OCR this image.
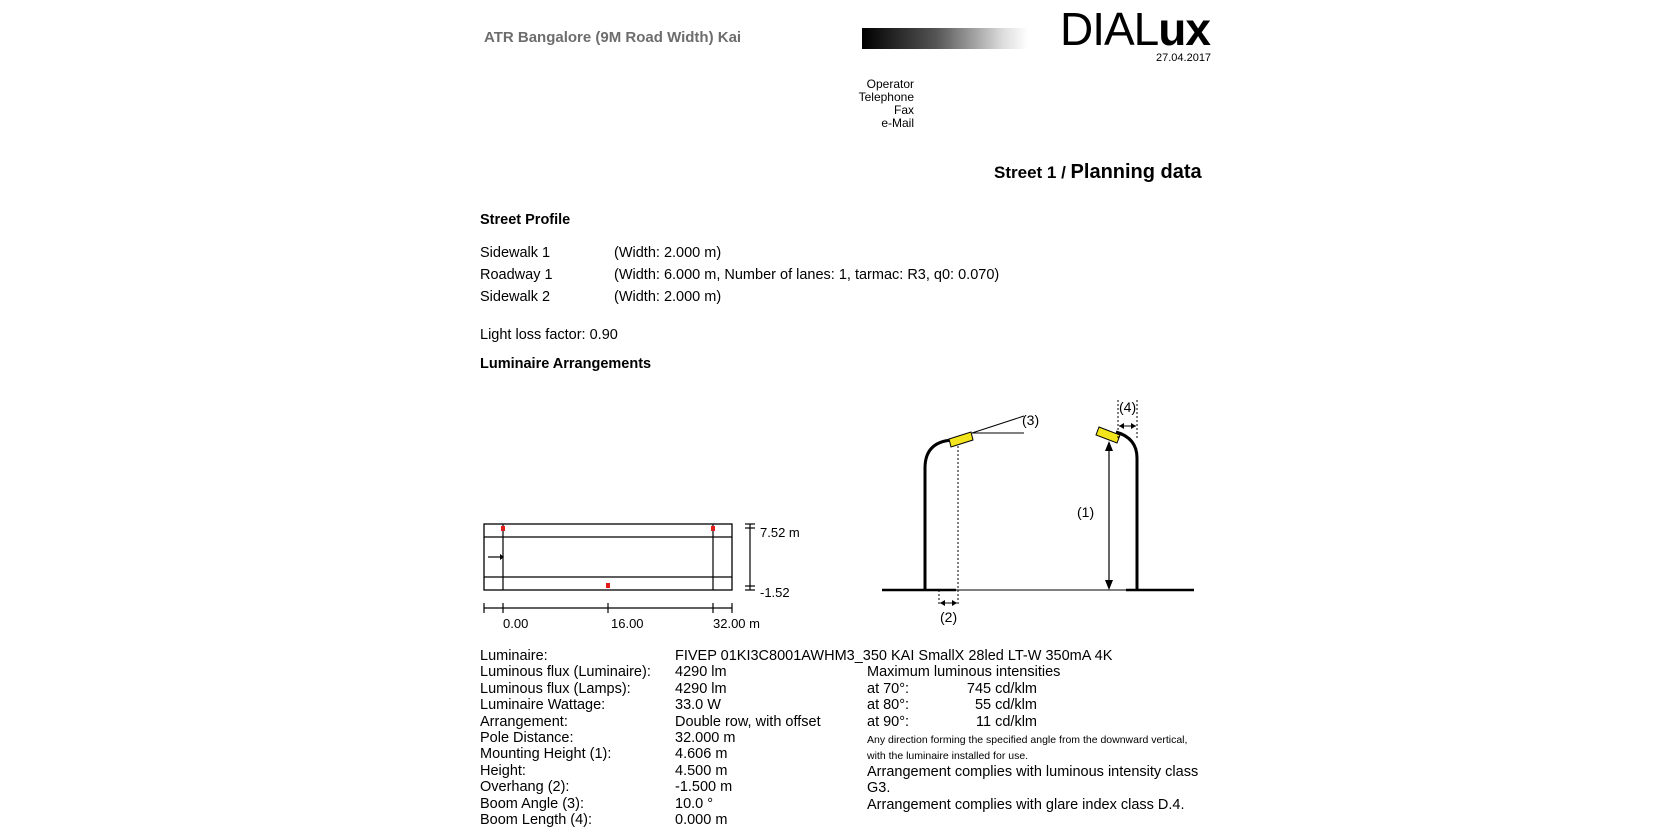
ATR Bangalore (9M Road Width) Kai	DIALux
27.04.2017
Operator
Telephone
Fax
e-Mail
Street 1 / Planning data
Street Profile
Sidewalk 1	(Width: 2.000 m)
Roadway 1	(Width: 6.000 m, Number of lanes: 1, tarmac: R3, q0: 0.070)
Sidewalk 2	(Width: 2.000 m)
Light loss factor: 0.90
Luminaire Arrangements
7.52 m
-1.52
0.00	16.00	32.00 m	(2)
(3)
(4)
(1)
Luminaire:	FIVEP 01KI3C8001AWHM3_350 KAI SmallX 28led LT-W 350mA 4K
Luminous flux (Luminaire): 4290 lm
Luminous flux (Lamps):	4290 lm
Luminaire Wattage:	33.0 W
Arrangement:	Double row, with offset
Pole Distance:	32.000 m
Mounting Height (1):	4.606 m
Height:	4.500 m
Overhang (2):	-1.500 m
Boom Angle (3):	10.0 °
Boom Length (4):	0.000 m
Maximum luminous intensities
at 70°:	745 cd/klm
at 80°:	55 cd/klm
at 90°:	11 cd/klm
Any direction forming the specified angle from the downward vertical, with the luminaire installed for use.
Arrangement complies with luminous intensity class G3.
Arrangement complies with glare index class D.4.
